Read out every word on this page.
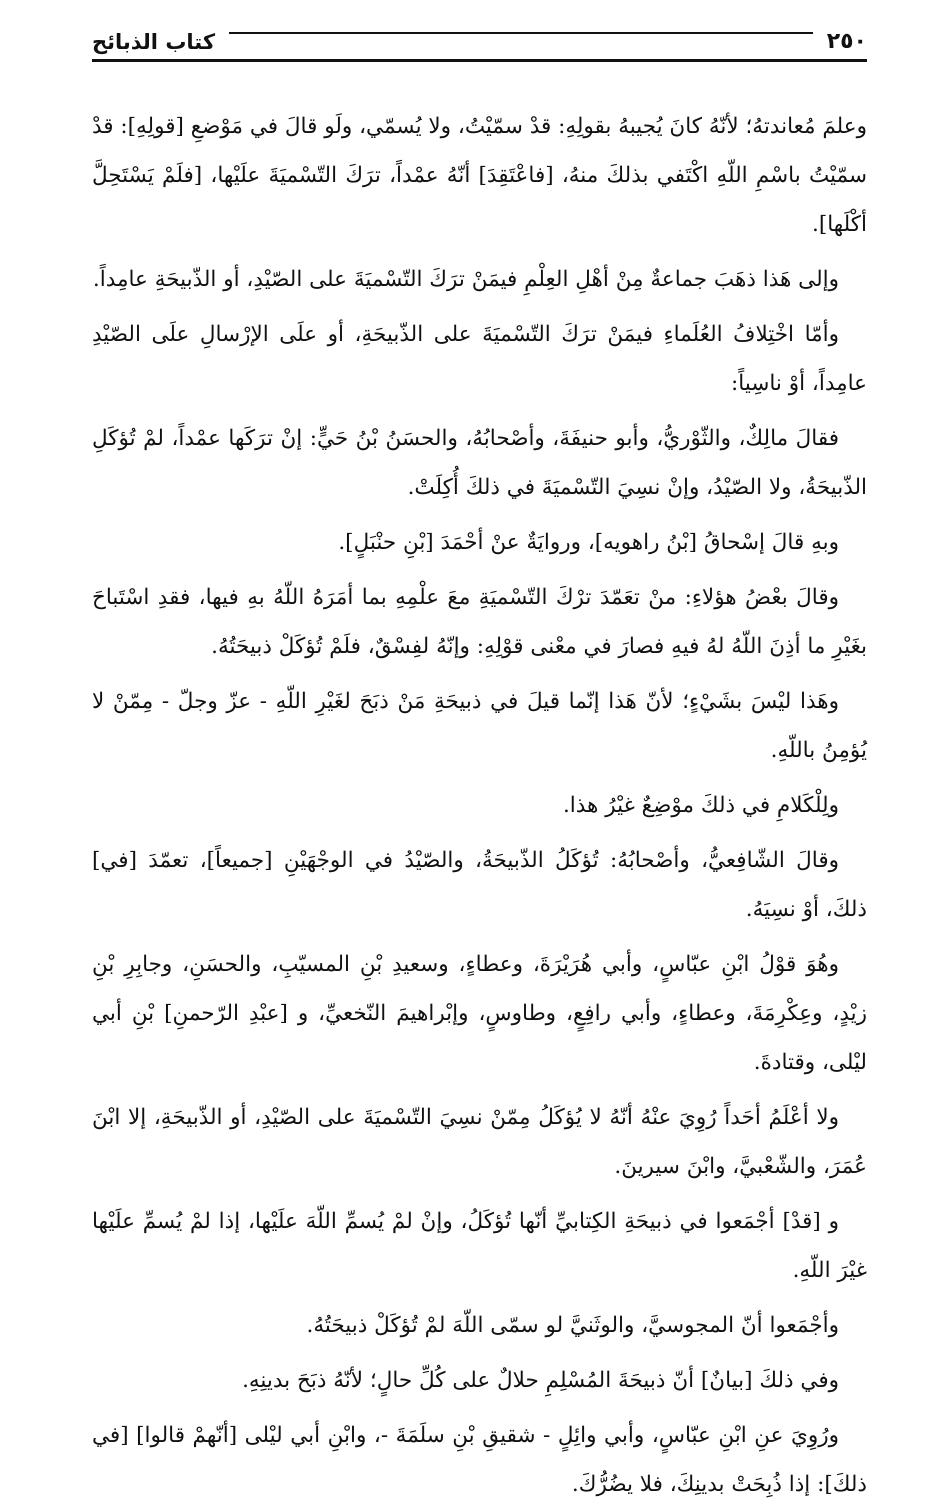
٢٥٠
كتاب الذبائح

وعلمَ مُعاندتهُ؛ لأنّهُ كانَ يُجيبهُ بقولِهِ: قدْ سمّيْتُ، ولا يُسمّي، ولَو قالَ في مَوْضعِ [قولِهِ]: قدْ سمّيْتُ باسْمِ اللّهِ اكْتَفي بذلكَ منهُ، [فاعْتَقِدَ] أنّهُ عمْداً، ترَكَ التّسْميَةَ علَيْها، [فلَمْ يَسْتَحِلَّ أكْلَها].

وإلى هَذا ذهَبَ جماعةٌ مِنْ أهْلِ العِلْمِ فيمَنْ ترَكَ التّسْميَةَ على الصّيْدِ، أو الذّبيحَةِ عامِداً.

وأمّا اخْتِلافُ العُلَماءِ فيمَنْ ترَكَ التّسْميَةَ على الذّبيحَةِ، أو علَى الإرْسالِ علَى الصّيْدِ عامِداً، أوْ ناسِياً:

فقالَ مالِكٌ، والثّوْريُّ، وأبو حنيفَةَ، وأصْحابُهُ، والحسَنُ بْنُ حَيٍّ: إنْ ترَكَها عمْداً، لمْ تُؤكَلِ الذّبيحَةُ، ولا الصّيْدُ، وإنْ نسِيَ التّسْميَةَ في ذلكَ أُكِلَتْ.

وبهِ قالَ إسْحاقُ [بْنُ راهويه]، وروايَةٌ عنْ أحْمَدَ [بْنِ حنْبَلٍ].

وقالَ بعْضُ هؤلاءِ: منْ تعَمّدَ ترْكَ التّسْميَةِ معَ علْمِهِ بما أمَرَهُ اللّهُ بهِ فيها، فقدِ اسْتَباحَ بغَيْرِ ما أذِنَ اللّهُ لهُ فيهِ فصارَ في معْنى قوْلِهِ: وإنّهُ لفِسْقٌ، فلَمْ تُؤكَلْ ذبيحَتُهُ.

وهَذا ليْسَ بشَيْءٍ؛ لأنّ هَذا إنّما قيلَ في ذبيحَةِ مَنْ ذبَحَ لغَيْرِ اللّهِ - عزّ وجلّ - مِمّنْ لا يُؤمِنُ باللّهِ.

ولِلْكَلامِ في ذلكَ موْضِعٌ غيْرُ هذا.

وقالَ الشّافِعيُّ، وأصْحابُهُ: تُؤكَلُ الذّبيحَةُ، والصّيْدُ في الوجْهَيْنِ [جميعاً]، تعمّدَ [في] ذلكَ، أوْ نسِيَهُ.

وهُوَ قوْلُ ابْنِ عبّاسٍ، وأبي هُرَيْرَةَ، وعطاءٍ، وسعيدِ بْنِ المسيّبِ، والحسَنِ، وجابِرِ بْنِ زيْدٍ، وعِكْرِمَةَ، وعطاءٍ، وأبي رافِعٍ، وطاوسٍ، وإبْراهيمَ النّخعيِّ، و [عبْدِ الرّحمنِ] بْنِ أبي ليْلى، وقتادةَ.

ولا أعْلَمُ أحَداً رُوِيَ عنْهُ أنّهُ لا يُؤكَلُ مِمّنْ نسِيَ التّسْميَةَ على الصّيْدِ، أو الذّبيحَةِ، إلا ابْنَ عُمَرَ، والشّعْبيَّ، وابْنَ سيرينَ.

و [قدْ] أجْمَعوا في ذبيحَةِ الكِتابيِّ أنّها تُؤكَلُ، وإنْ لمْ يُسمِّ اللّهَ علَيْها، إذا لمْ يُسمِّ علَيْها غيْرَ اللّهِ.

وأجْمَعوا أنّ المجوسيَّ، والوثَنيَّ لو سمّى اللّهَ لمْ تُؤكَلْ ذبيحَتُهُ.

وفي ذلكَ [بيانٌ] أنّ ذبيحَةَ المُسْلِمِ حلالٌ على كُلِّ حالٍ؛ لأنّهُ ذبَحَ بدينِهِ.

ورُوِيَ عنِ ابْنِ عبّاسٍ، وأبي وائِلٍ - شقيقِ بْنِ سلَمَةَ -، وابْنِ أبي ليْلى [أنّهمْ قالوا] [في ذلكَ]: إذا ذُبِحَتْ بدينِكَ، فلا يضُرُّكَ.
